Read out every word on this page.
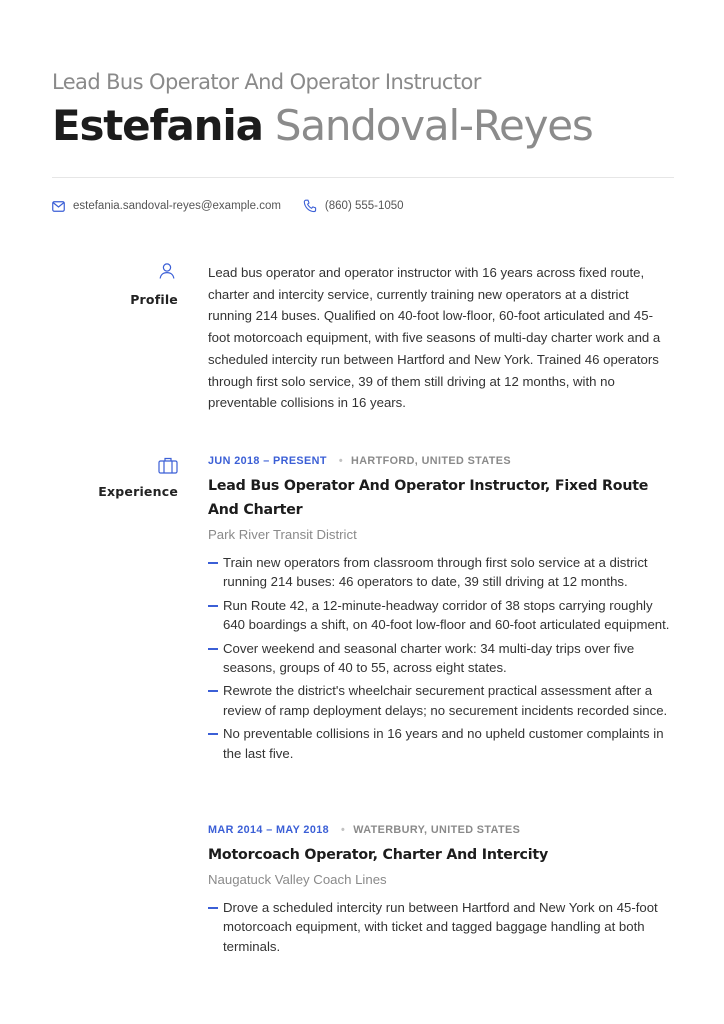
Lead Bus Operator And Operator Instructor
Estefania Sandoval-Reyes
estefania.sandoval-reyes@example.com	(860) 555-1050
Profile
Lead bus operator and operator instructor with 16 years across fixed route, charter and intercity service, currently training new operators at a district running 214 buses. Qualified on 40-foot low-floor, 60-foot articulated and 45-foot motorcoach equipment, with five seasons of multi-day charter work and a scheduled intercity run between Hartford and New York. Trained 46 operators through first solo service, 39 of them still driving at 12 months, with no preventable collisions in 16 years.
Experience
JUN 2018 – PRESENT • HARTFORD, UNITED STATES
Lead Bus Operator And Operator Instructor, Fixed Route And Charter
Park River Transit District
Train new operators from classroom through first solo service at a district running 214 buses: 46 operators to date, 39 still driving at 12 months.
Run Route 42, a 12-minute-headway corridor of 38 stops carrying roughly 640 boardings a shift, on 40-foot low-floor and 60-foot articulated equipment.
Cover weekend and seasonal charter work: 34 multi-day trips over five seasons, groups of 40 to 55, across eight states.
Rewrote the district's wheelchair securement practical assessment after a review of ramp deployment delays; no securement incidents recorded since.
No preventable collisions in 16 years and no upheld customer complaints in the last five.
MAR 2014 – MAY 2018 • WATERBURY, UNITED STATES
Motorcoach Operator, Charter And Intercity
Naugatuck Valley Coach Lines
Drove a scheduled intercity run between Hartford and New York on 45-foot motorcoach equipment, with ticket and tagged baggage handling at both terminals.
